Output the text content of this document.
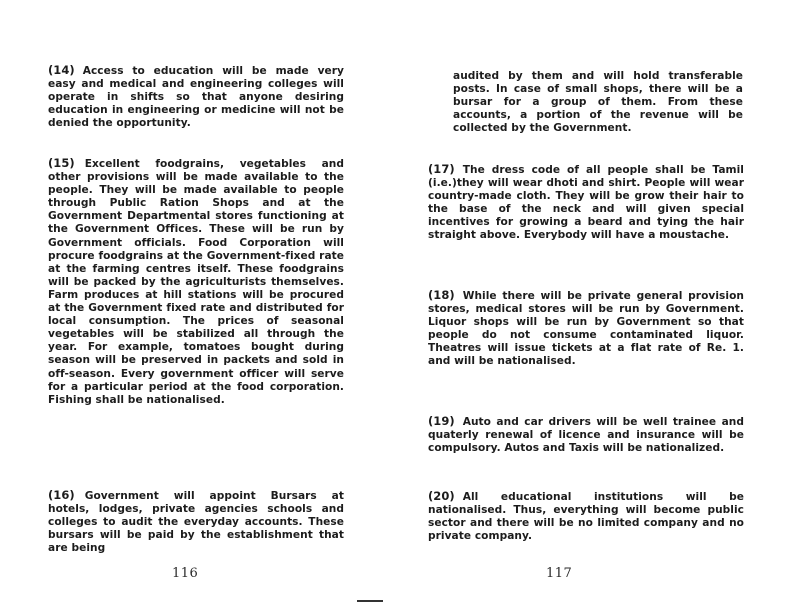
(14) Access to education will be made very easy and medical and engineering colleges will operate in shifts so that anyone desiring education in engineering or medicine will not be denied the opportunity.
(15) Excellent foodgrains, vegetables and other provisions will be made available to the people. They will be made available to people through Public Ration Shops and at the Government Departmental stores functioning at the Government Offices. These will be run by Government officials. Food Corporation will procure foodgrains at the Government-fixed rate at the farming centres itself. These foodgrains will be packed by the agriculturists themselves. Farm produces at hill stations will be procured at the Government fixed rate and distributed for local consumption. The prices of seasonal vegetables will be stabilized all through the year. For example, tomatoes bought during season will be preserved in packets and sold in off-season. Every government officer will serve for a particular period at the food corporation. Fishing shall be nationalised.
(16) Government will appoint Bursars at hotels, lodges, private agencies schools and colleges to audit the everyday accounts. These bursars will be paid by the establishment that are being
116
audited by them and will hold transferable posts. In case of small shops, there will be a bursar for a group of them. From these accounts, a portion of the revenue will be collected by the Government.
(17) The dress code of all people shall be Tamil (i.e.)they will wear dhoti and shirt. People will wear country-made cloth. They will be grow their hair to the base of the neck and will given special incentives for growing a beard and tying the hair straight above. Everybody will have a moustache.
(18) While there will be private general provision stores, medical stores will be run by Government. Liquor shops will be run by Government so that people do not consume contaminated liquor. Theatres will issue tickets at a flat rate of Re. 1. and will be nationalised.
(19) Auto and car drivers will be well trainee and quaterly renewal of licence and insurance will be compulsory. Autos and Taxis will be nationalized.
(20) All educational institutions will be nationalised. Thus, everything will become public sector and there will be no limited company and no private company.
117
